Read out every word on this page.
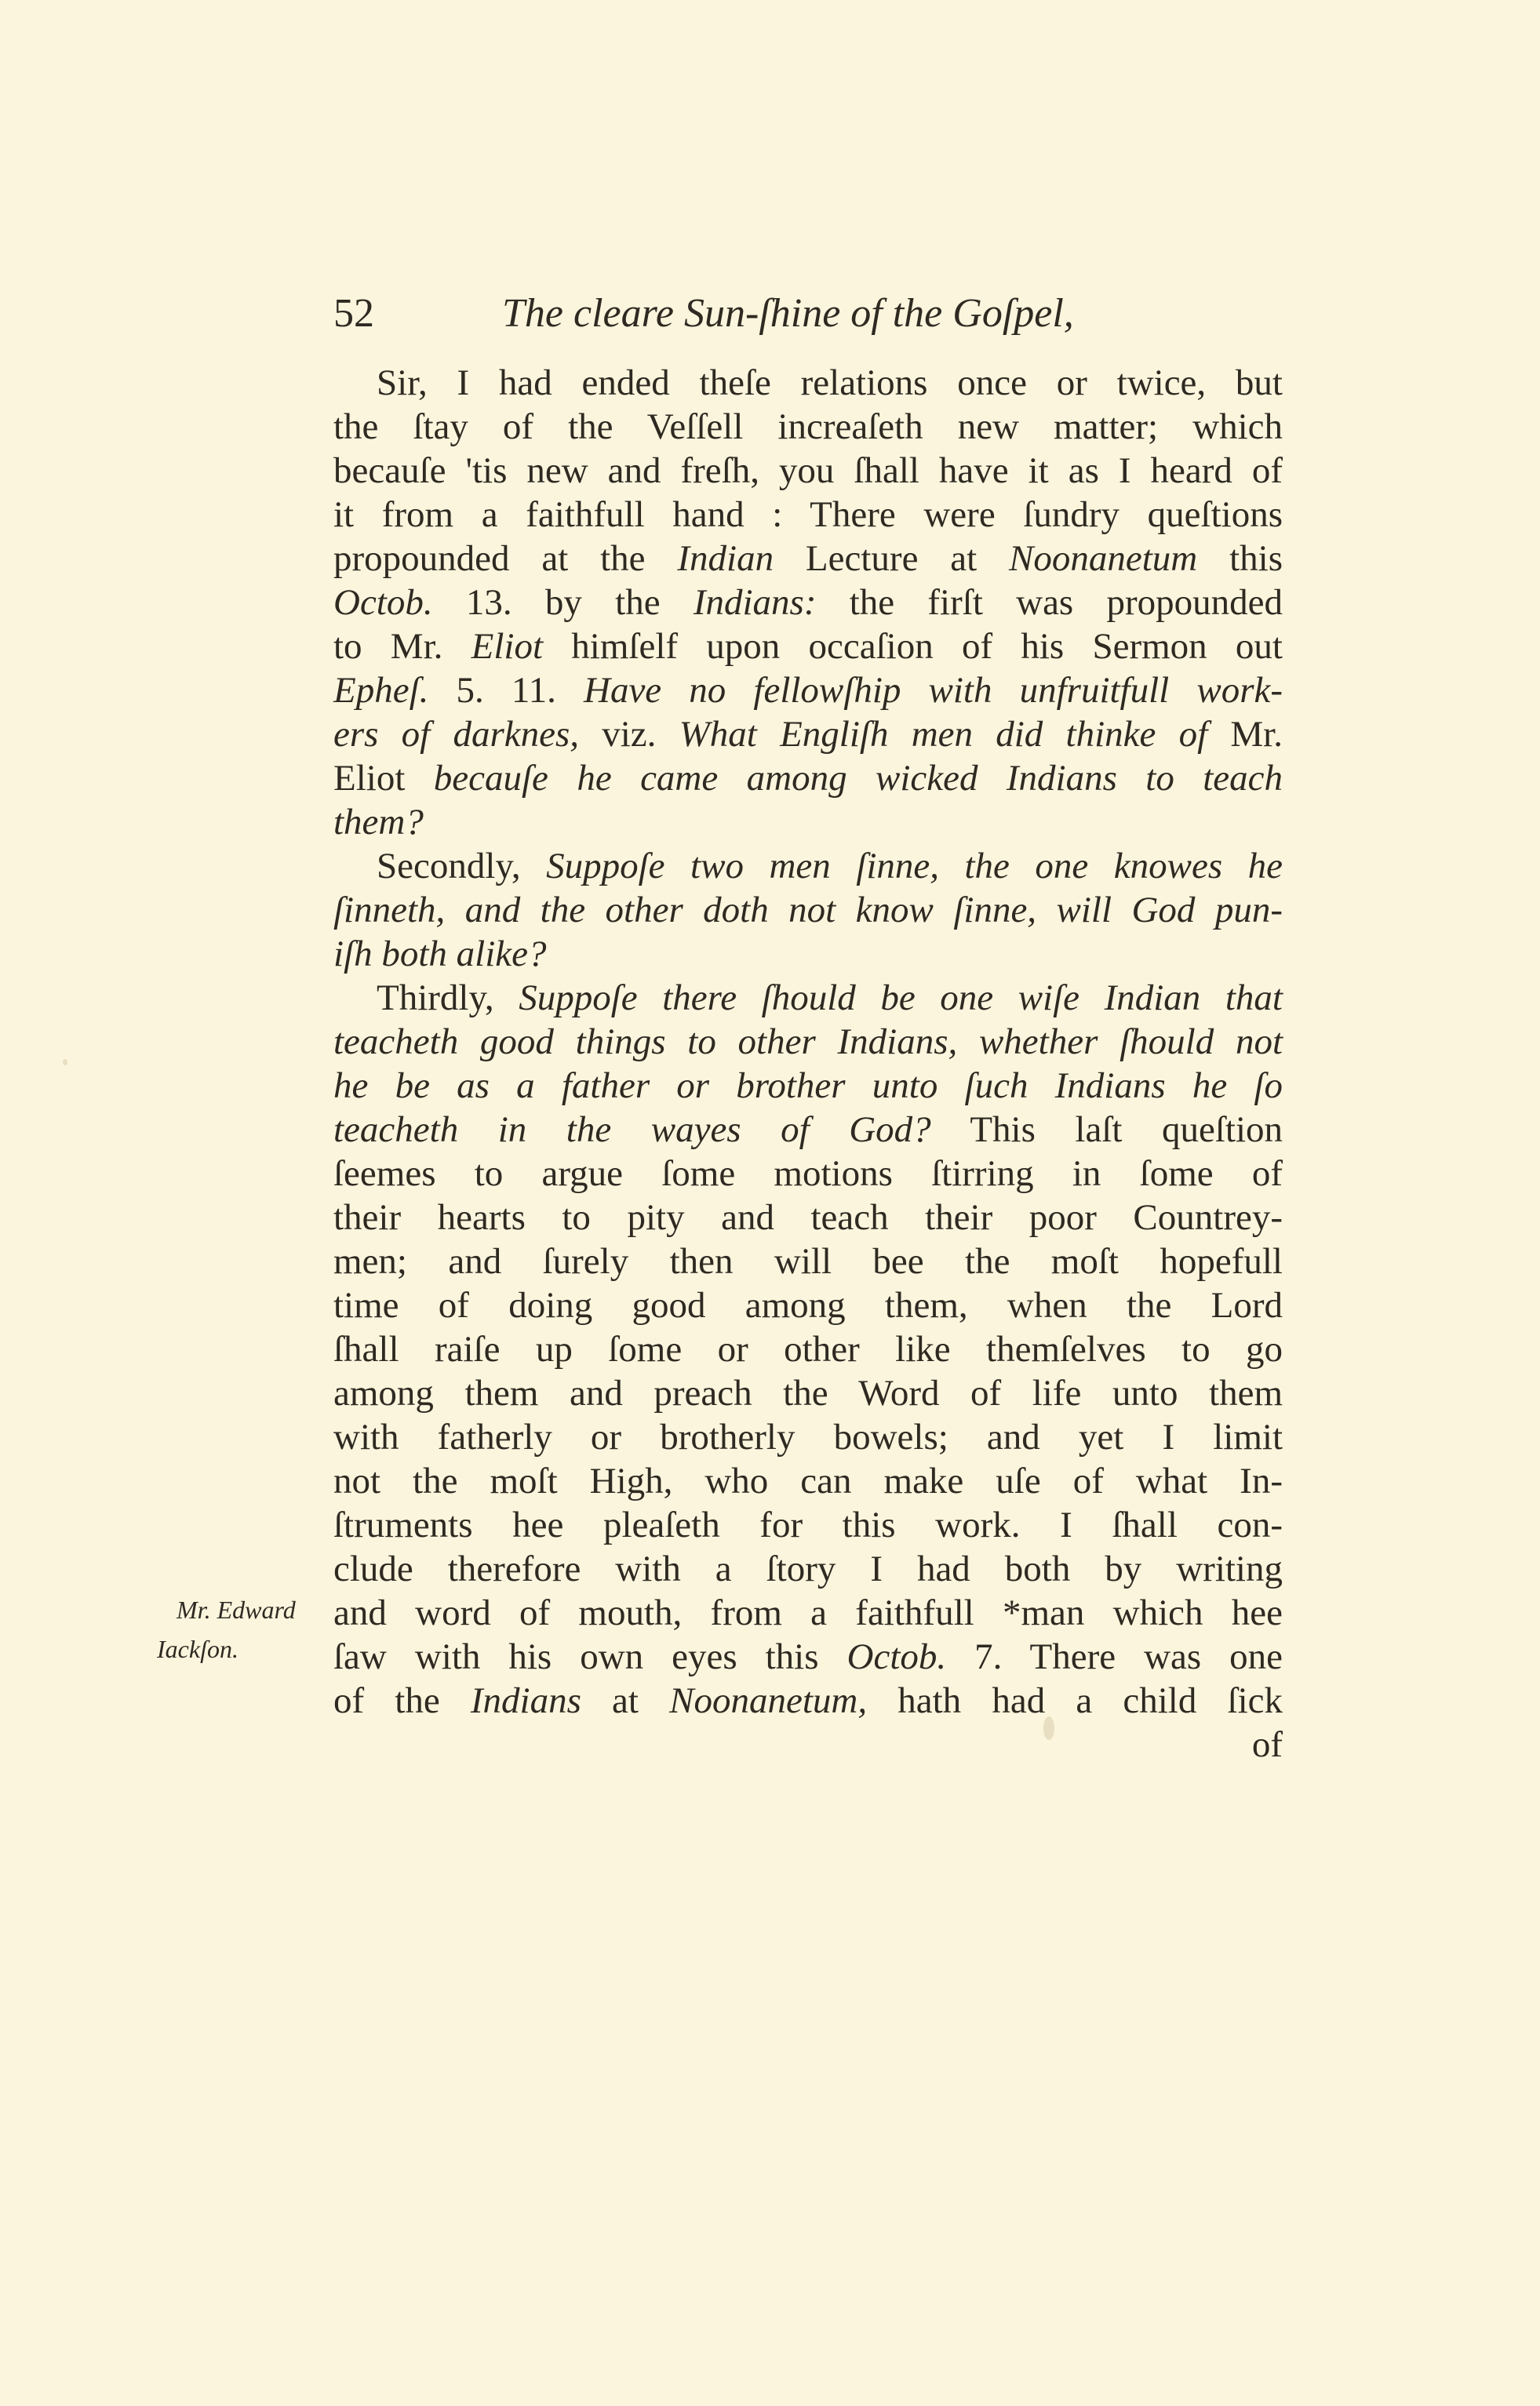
52	The cleare Sun-ſhine of the Goſpel,
Sir, I had ended theſe relations once or twice, but
the ſtay of the Veſſell increaſeth new matter; which
becauſe 'tis new and freſh, you ſhall have it as I heard of
it from a faithfull hand : There were ſundry queſtions
propounded at the Indian Lecture at Noonanetum this
Octob. 13. by the Indians: the firſt was propounded
to Mr. Eliot himſelf upon occaſion of his Sermon out
Epheſ. 5. 11. Have no fellowſhip with unfruitfull work-
ers of darknes, viz. What Engliſh men did thinke of Mr.
Eliot becauſe he came among wicked Indians to teach
them?
Secondly, Suppoſe two men ſinne, the one knowes he
ſinneth, and the other doth not know ſinne, will God pun-
iſh both alike?
Thirdly, Suppoſe there ſhould be one wiſe Indian that
teacheth good things to other Indians, whether ſhould not
he be as a father or brother unto ſuch Indians he ſo
teacheth in the wayes of God? This laſt queſtion
ſeemes to argue ſome motions ſtirring in ſome of
their hearts to pity and teach their poor Countrey-
men; and ſurely then will bee the moſt hopefull
time of doing good among them, when the Lord
ſhall raiſe up ſome or other like themſelves to go
among them and preach the Word of life unto them
with fatherly or brotherly bowels; and yet I limit
not the moſt High, who can make uſe of what In-
ſtruments hee pleaſeth for this work. I ſhall con-
clude therefore with a ſtory I had both by writing
and word of mouth, from a faithfull *man which hee
ſaw with his own eyes this Octob. 7. There was one
of the Indians at Noonanetum, hath had a child ſick
of
Mr. Edward
Iackſon.
